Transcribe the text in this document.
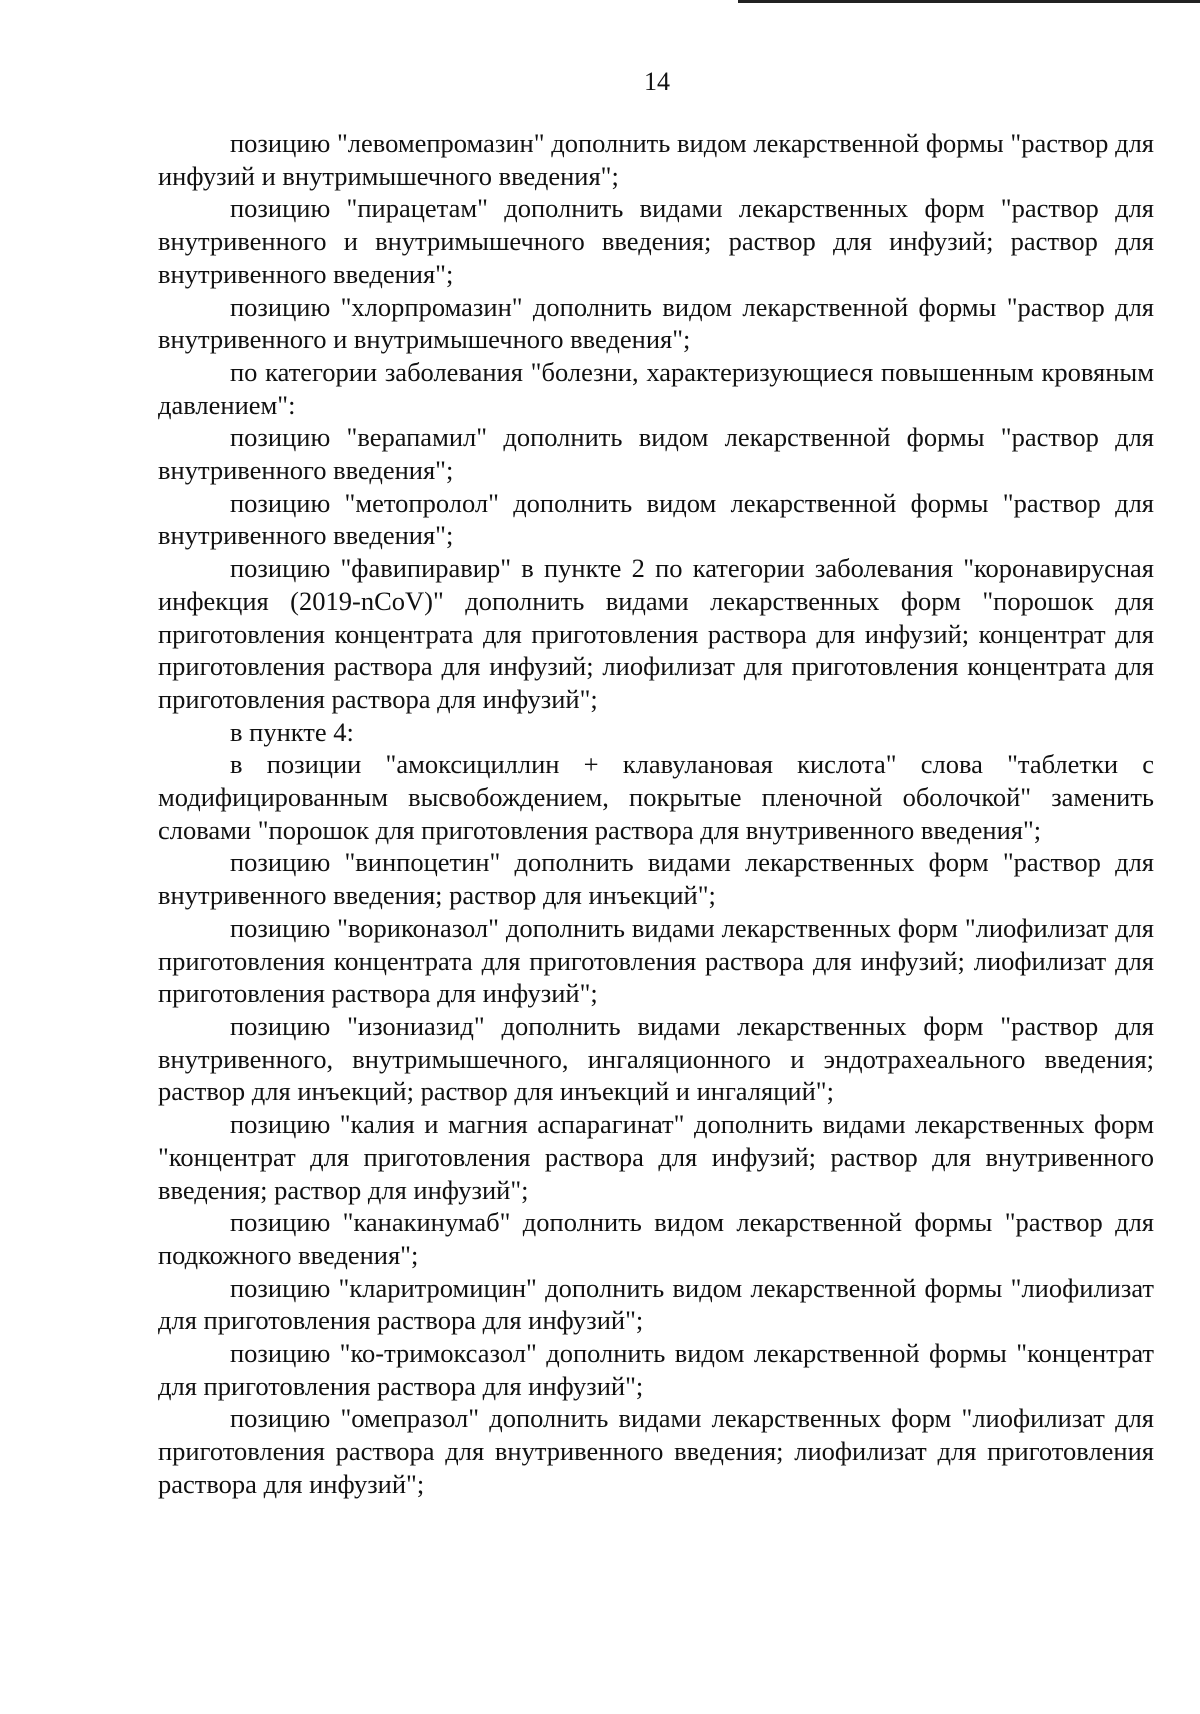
14

позицию "левомепромазин" дополнить видом лекарственной формы "раствор для инфузий и внутримышечного введения";

позицию "пирацетам" дополнить видами лекарственных форм "раствор для внутривенного и внутримышечного введения; раствор для инфузий; раствор для внутривенного введения";

позицию "хлорпромазин" дополнить видом лекарственной формы "раствор для внутривенного и внутримышечного введения";

по категории заболевания "болезни, характеризующиеся повышенным кровяным давлением":

позицию "верапамил" дополнить видом лекарственной формы "раствор для внутривенного введения";

позицию "метопролол" дополнить видом лекарственной формы "раствор для внутривенного введения";

позицию "фавипиравир" в пункте 2 по категории заболевания "коронавирусная инфекция (2019-nCoV)" дополнить видами лекарственных форм "порошок для приготовления концентрата для приготовления раствора для инфузий; концентрат для приготовления раствора для инфузий; лиофилизат для приготовления концентрата для приготовления раствора для инфузий";

в пункте 4:

в позиции "амоксициллин + клавулановая кислота" слова "таблетки с модифицированным высвобождением, покрытые пленочной оболочкой" заменить словами "порошок для приготовления раствора для внутривенного введения";

позицию "винпоцетин" дополнить видами лекарственных форм "раствор для внутривенного введения; раствор для инъекций";

позицию "вориконазол" дополнить видами лекарственных форм "лиофилизат для приготовления концентрата для приготовления раствора для инфузий; лиофилизат для приготовления раствора для инфузий";

позицию "изониазид" дополнить видами лекарственных форм "раствор для внутривенного, внутримышечного, ингаляционного и эндотрахеального введения; раствор для инъекций; раствор для инъекций и ингаляций";

позицию "калия и магния аспарагинат" дополнить видами лекарственных форм "концентрат для приготовления раствора для инфузий; раствор для внутривенного введения; раствор для инфузий";

позицию "канакинумаб" дополнить видом лекарственной формы "раствор для подкожного введения";

позицию "кларитромицин" дополнить видом лекарственной формы "лиофилизат для приготовления раствора для инфузий";

позицию "ко-тримоксазол" дополнить видом лекарственной формы "концентрат для приготовления раствора для инфузий";

позицию "омепразол" дополнить видами лекарственных форм "лиофилизат для приготовления раствора для внутривенного введения; лиофилизат для приготовления раствора для инфузий";
